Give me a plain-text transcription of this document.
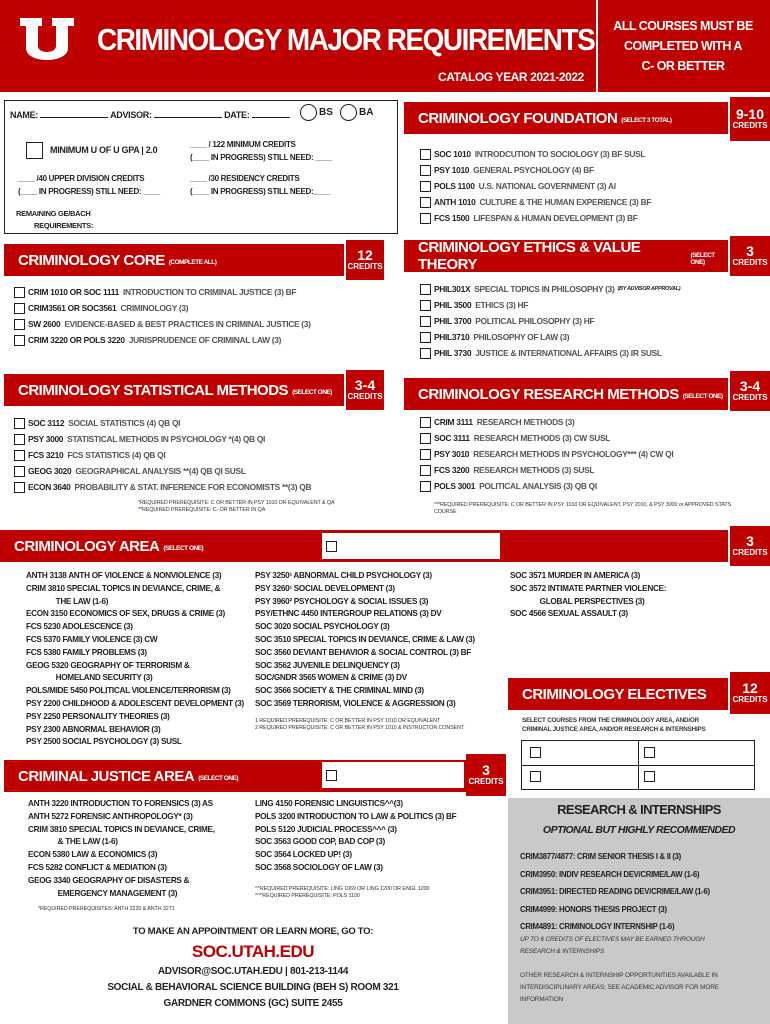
CRIMINOLOGY MAJOR REQUIREMENTS
CATALOG YEAR 2021-2022
ALL COURSES MUST BE
COMPLETED WITH A
C- OR BETTER
NAME:	ADVISOR:	DATE:	BS	BA
MINIMUM U OF U GPA | 2.0
____ /40 UPPER DIVISION CREDITS
(____ IN PROGRESS) STILL NEED: ____
____ / 122 MINIMUM CREDITS
(____ IN PROGRESS) STILL NEED: ____
____ /30 RESIDENCY CREDITS
(____ IN PROGRESS) STILL NEED:____
REMAINING GE/BACH
REQUIREMENTS:
CRIMINOLOGY FOUNDATION (SELECT 3 TOTAL)	9-10
CREDITS
SOC 1010 INTRODCUTION TO SOCIOLOGY (3) BF SUSL
PSY 1010 GENERAL PSYCHOLOGY (4) BF
POLS 1100 U.S. NATIONAL GOVERNMENT (3) AI
ANTH 1010 CULTURE & THE HUMAN EXPERIENCE (3) BF
FCS 1500 LIFESPAN & HUMAN DEVELOPMENT (3) BF
CRIMINOLOGY CORE (COMPLETE ALL)	12
CREDITS
CRIM 1010 OR SOC 1111 INTRODUCTION TO CRIMINAL JUSTICE (3) BF
CRIM3561 OR SOC3561 CRIMINOLOGY (3)
SW 2600 EVIDENCE-BASED & BEST PRACTICES IN CRIMINAL JUSTICE (3)
CRIM 3220 OR POLS 3220 JURISPRUDENCE OF CRIMINAL LAW (3)
CRIMINOLOGY ETHICS & VALUE THEORY
(SELECT ONE)
3
CREDITS
PHIL301X SPECIAL TOPICS IN PHILOSOPHY (3) (BY ADVISOR APPROVAL)
PHIL 3500 ETHICS (3) HF
PHIL 3700 POLITICAL PHILOSOPHY (3) HF
PHIL3710 PHILOSOPHY OF LAW (3)
PHIL 3730 JUSTICE & INTERNATIONAL AFFAIRS (3) IR SUSL
CRIMINOLOGY STATISTICAL METHODS (SELECT ONE)	3-4
CREDITS
SOC 3112 SOCIAL STATISTICS (4) QB QI
PSY 3000 STATISTICAL METHODS IN PSYCHOLOGY *(4) QB QI
FCS 3210 FCS STATISTICS (4) QB QI
GEOG 3020 GEOGRAPHICAL ANALYSIS **(4) QB QI SUSL
ECON 3640 PROBABILITY & STAT. INFERENCE FOR ECONOMISTS **(3) QB
*REQUIRED PREREQUISITE: C OR BETTER IN PSY 1010 OR EQUIVALENT & QA
**REQUIRED PREREQUISITE: C- OR BETTER IN QA
CRIMINOLOGY RESEARCH METHODS (SELECT ONE)
3-4
CREDITS
CRIM 3111 RESEARCH METHODS (3)
SOC 3111 RESEARCH METHODS (3) CW SUSL
PSY 3010 RESEARCH METHODS IN PSYCHOLOGY*** (4) CW QI
FCS 3200 RESEARCH METHODS (3) SUSL
POLS 3001 POLITICAL ANALYSIS (3) QB QI
***REQUIRED PREREQUISITE: C OR BETTER IN PSY 1010 OR EQUIVALENT, PSY 2010, & PSY 3000 or APPROVED STATS
COURSE
CRIMINOLOGY AREA (SELECT ONE)	3
CREDITS
ANTH 3138 ANTH OF VIOLENCE & NONVIOLENCE (3)
CRIM 3810 SPECIAL TOPICS IN DEVIANCE, CRIME, &
THE LAW (1-6)
ECON 3150 ECONOMICS OF SEX, DRUGS & CRIME (3)
FCS 5230 ADOLESCENCE (3)
FCS 5370 FAMILY VIOLENCE (3) CW
FCS 5380 FAMILY PROBLEMS (3)
GEOG 5320 GEOGRAPHY OF TERRORISM &
HOMELAND SECURITY (3)
POLS/MIDE 5450 POLITICAL VIOLENCE/TERRORISM (3)
PSY 2200 CHILDHOOD & ADOLESCENT DEVELOPMENT (3)
PSY 2250 PERSONALITY THEORIES (3)
PSY 2300 ABNORMAL BEHAVIOR (3)
PSY 2500 SOCIAL PSYCHOLOGY (3) SUSL
PSY 3250¹ ABNORMAL CHILD PSYCHOLOGY (3)
PSY 3260¹ SOCIAL DEVELOPMENT (3)
PSY 3960² PSYCHOLOGY & SOCIAL ISSUES (3)
PSY/ETHNC 4450 INTERGROUP RELATIONS (3) DV
SOC 3020 SOCIAL PSYCHOLOGY (3)
SOC 3510 SPECIAL TOPICS IN DEVIANCE, CRIME & LAW (3)
SOC 3560 DEVIANT BEHAVIOR & SOCIAL CONTROL (3) BF
SOC 3562 JUVENILE DELINQUENCY (3)
SOC/GNDR 3565 WOMEN & CRIME (3) DV
SOC 3566 SOCIETY & THE CRIMINAL MIND (3)
SOC 3569 TERRORISM, VIOLENCE & AGGRESSION (3)
1 REQUIRED PREREQUISITE: C OR BETTER IN PSY 1010 OR EQUIVALENT
2 REQUIRED PREREQUISITE: C OR BETTER IN PSY 1010 & INSTRUCTOR CONSENT
SOC 3571 MURDER IN AMERICA (3)
SOC 3572 INTIMATE PARTNER VIOLENCE:
GLOBAL PERSPECTIVES (3)
SOC 4566 SEXUAL ASSAULT (3)
CRIMINOLOGY ELECTIVES	12
CREDITS
SELECT COURSES FROM THE CRIMINOLOGY AREA, AND/OR
CRIMINAL JUSTICE AREA, AND/OR RESEARCH & INTERNSHIPS
RESEARCH & INTERNSHIPS
OPTIONAL BUT HIGHLY RECOMMENDED
CRIM3877/4877: CRIM SENIOR THESIS I & II (3)
CRIM3950: INDIV RESEARCH DEV/CRIME/LAW (1-6)
CRIM3951: DIRECTED READING DEV/CRIME/LAW (1-6)
CRIM4999: HONORS THESIS PROJECT (3)
CRIM4891: CRIMINOLOGY INTERNSHIP (1-6)
UP TO 6 CREDITS OF ELECTIVES MAY BE EARNED THROUGH
RESEARCH & INTERNSHIPS
OTHER RESEARCH & INTERNSHIP OPPORTUNITIES AVAILABLE IN
INTERDISCIPLINARY AREAS; SEE ACADEMIC ADVISOR FOR MORE
INFORMATION
CRIMINAL JUSTICE AREA (SELECT ONE)
3
CREDITS
ANTH 3220 INTRODUCTION TO FORENSICS (3) AS
ANTH 5272 FORENSIC ANTHROPOLOGY* (3)
CRIM 3810 SPECIAL TOPICS IN DEVIANCE, CRIME,
& THE LAW (1-6)
ECON 5380 LAW & ECONOMICS (3)
FCS 5282 CONFLICT & MEDIATION (3)
GEOG 3340 GEOGRAPHY OF DISASTERS &
EMERGENCY MANAGEMENT (3)
*REQUIRED PREREQUISITES: ANTH 3220 & ANTH 3271
LING 4150 FORENSIC LINGUISTICS^^(3)
POLS 3200 INTRODUCTION TO LAW & POLITICS (3) BF
POLS 5120 JUDICIAL PROCESS^^^ (3)
SOC 3563 GOOD COP, BAD COP (3)
SOC 3564 LOCKED UP! (3)
SOC 3568 SOCIOLOGY OF LAW (3)
^^REQUIRED PREREQUISITE: LING 1069 OR LING 1200 OR ENGL 1200
^^^REQUIRED PREREQUISITE: POLS 1100
TO MAKE AN APPOINTMENT OR LEARN MORE, GO TO:
SOC.UTAH.EDU
ADVISOR@SOC.UTAH.EDU | 801-213-1144
SOCIAL & BEHAVIORAL SCIENCE BUILDING (BEH S) ROOM 321
GARDNER COMMONS (GC) SUITE 2455
